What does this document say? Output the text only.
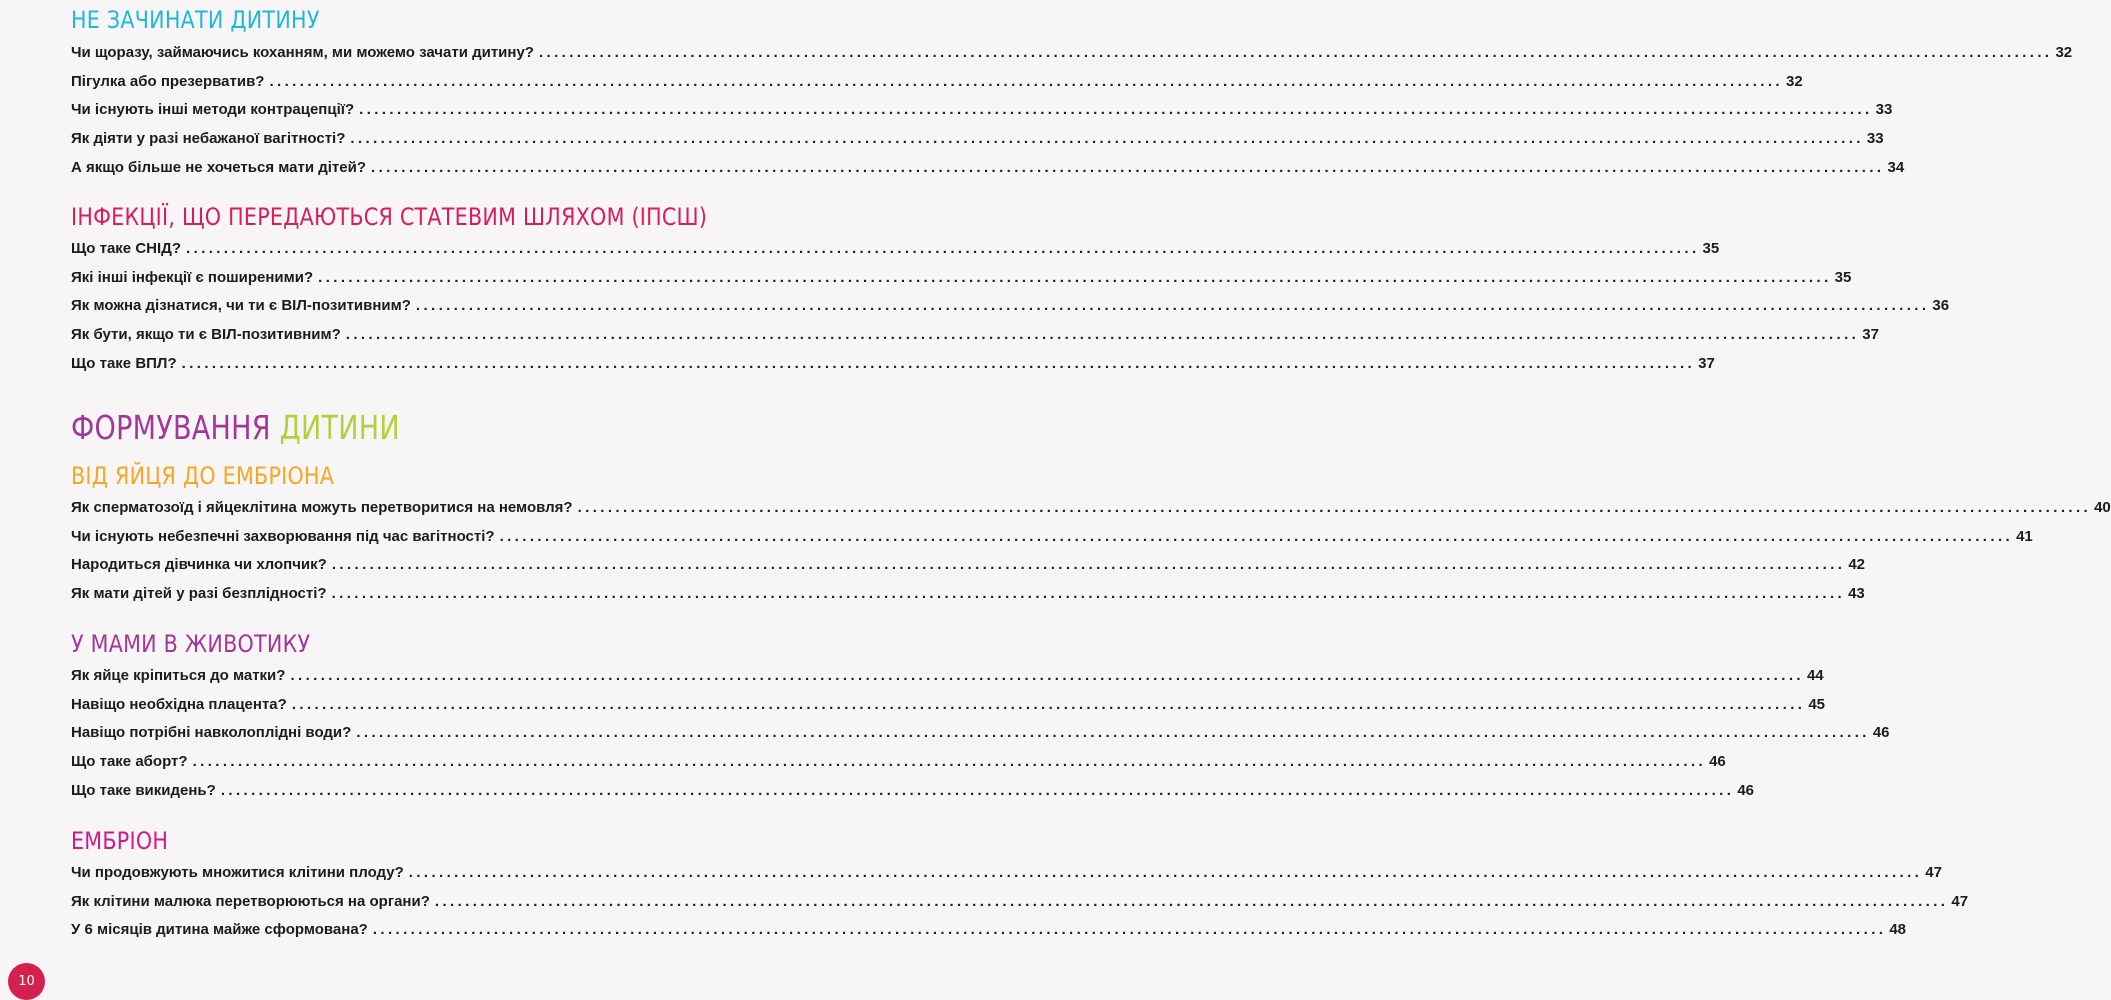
НЕ ЗАЧИНАТИ ДИТИНУ
Чи щоразу, займаючись коханням, ми можемо зачати дитину? ........................................................................................................................................................................................................ 32
Пігулка або презерватив? ........................................................................................................................................................................................................ 32
Чи існують інші методи контрацепції? ........................................................................................................................................................................................................ 33
Як діяти у разі небажаної вагітності? ........................................................................................................................................................................................................ 33
А якщо більше не хочеться мати дітей? ........................................................................................................................................................................................................ 34
ІНФЕКЦІЇ, ЩО ПЕРЕДАЮТЬСЯ СТАТЕВИМ ШЛЯХОМ (ІПСШ)
Що таке СНІД? ........................................................................................................................................................................................................ 35
Які інші інфекції є поширеними? ........................................................................................................................................................................................................ 35
Як можна дізнатися, чи ти є ВІЛ-позитивним? ........................................................................................................................................................................................................ 36
Як бути, якщо ти є ВІЛ-позитивним? ........................................................................................................................................................................................................ 37
Що таке ВПЛ? ........................................................................................................................................................................................................ 37
ФОРМУВАННЯ ДИТИНИ
ВІД ЯЙЦЯ ДО ЕМБРІОНА
Як сперматозоїд і яйцеклітина можуть перетворитися на немовля? ........................................................................................................................................................................................................ 40
Чи існують небезпечні захворювання під час вагітності? ........................................................................................................................................................................................................ 41
Народиться дівчинка чи хлопчик? ........................................................................................................................................................................................................ 42
Як мати дітей у разі безплідності? ........................................................................................................................................................................................................ 43
У МАМИ В ЖИВОТИКУ
Як яйце кріпиться до матки? ........................................................................................................................................................................................................ 44
Навіщо необхідна плацента? ........................................................................................................................................................................................................ 45
Навіщо потрібні навколоплідні води? ........................................................................................................................................................................................................ 46
Що таке аборт? ........................................................................................................................................................................................................ 46
Що таке викидень? ........................................................................................................................................................................................................ 46
ЕМБРІОН
Чи продовжують множитися клітини плоду? ........................................................................................................................................................................................................ 47
Як клітини малюка перетворюються на органи? ........................................................................................................................................................................................................ 47
У 6 місяців дитина майже сформована? ........................................................................................................................................................................................................ 48
10
